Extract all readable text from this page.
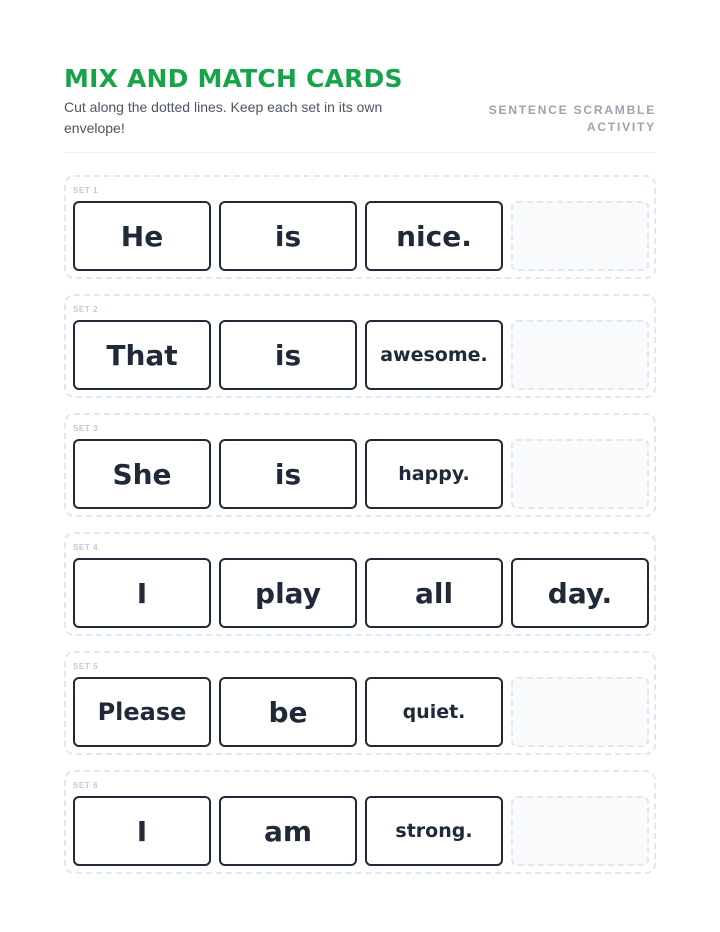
MIX AND MATCH CARDS
Cut along the dotted lines. Keep each set in its own envelope!
SENTENCE SCRAMBLE
ACTIVITY
SET 1
He	is	nice.
SET 2
That	is	awesome.
SET 3
She	is	happy.
SET 4
I	play	all	day.
SET 5
Please	be	quiet.
SET 6
I	am	strong.
